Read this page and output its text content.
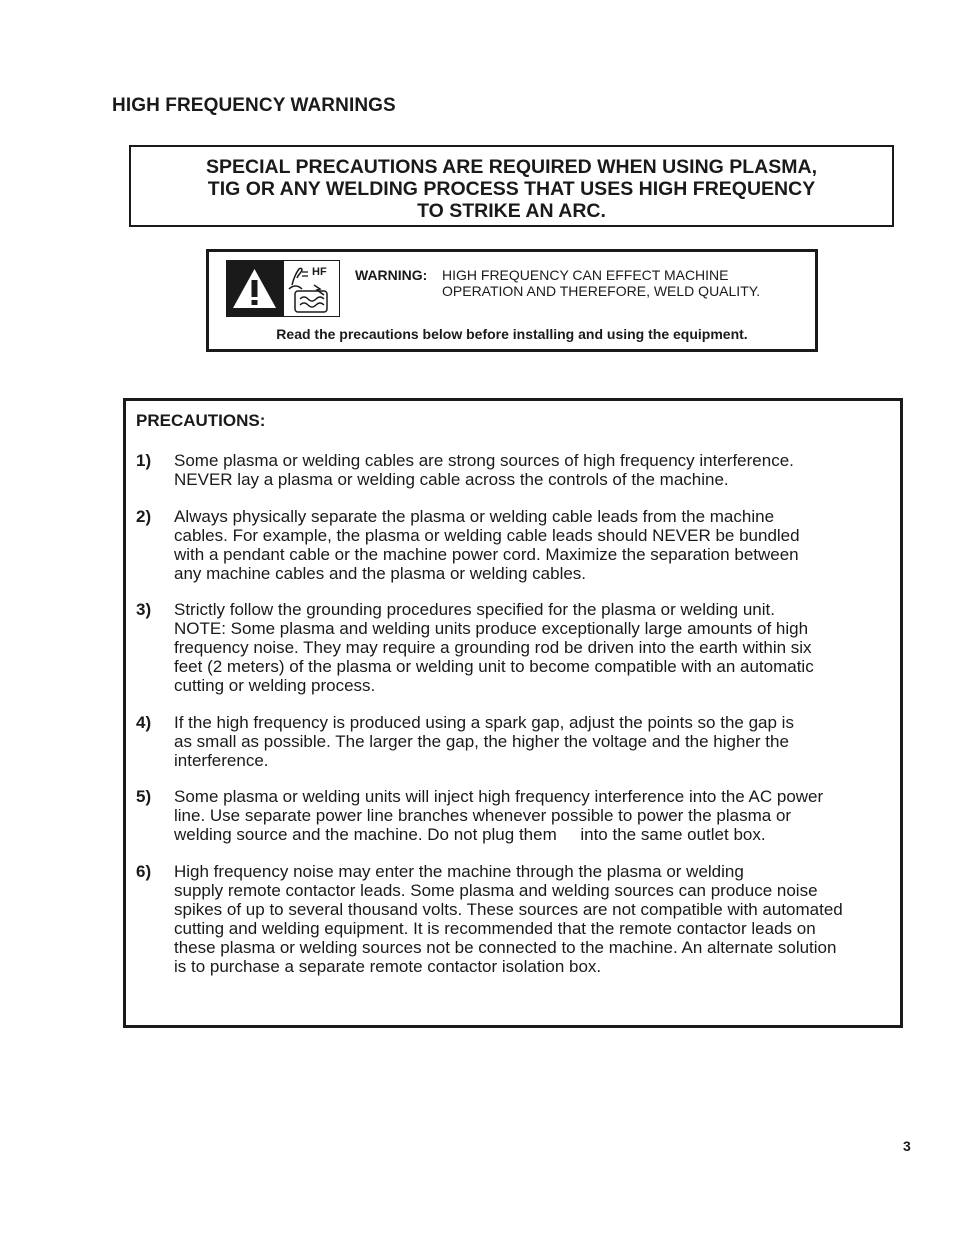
HIGH FREQUENCY WARNINGS
SPECIAL PRECAUTIONS ARE REQUIRED WHEN USING PLASMA,
TIG OR ANY WELDING PROCESS THAT USES HIGH FREQUENCY
TO STRIKE AN ARC.
HF WARNING: HIGH FREQUENCY CAN EFFECT MACHINE
OPERATION AND THEREFORE, WELD QUALITY.
Read the precautions below before installing and using the equipment.
PRECAUTIONS:
1) Some plasma or welding cables are strong sources of high frequency interference.
NEVER lay a plasma or welding cable across the controls of the machine.
2) Always physically separate the plasma or welding cable leads from the machine
cables. For example, the plasma or welding cable leads should NEVER be bundled
with a pendant cable or the machine power cord. Maximize the separation between
any machine cables and the plasma or welding cables.
3) Strictly follow the grounding procedures specified for the plasma or welding unit.
NOTE: Some plasma and welding units produce exceptionally large amounts of high
frequency noise. They may require a grounding rod be driven into the earth within six
feet (2 meters) of the plasma or welding unit to become compatible with an automatic
cutting or welding process.
4) If the high frequency is produced using a spark gap, adjust the points so the gap is
as small as possible. The larger the gap, the higher the voltage and the higher the
interference.
5) Some plasma or welding units will inject high frequency interference into the AC power
line. Use separate power line branches whenever possible to power the plasma or
welding source and the machine. Do not plug them     into the same outlet box.
6) High frequency noise may enter the machine through the plasma or welding
supply remote contactor leads. Some plasma and welding sources can produce noise
spikes of up to several thousand volts. These sources are not compatible with automated
cutting and welding equipment. It is recommended that the remote contactor leads on
these plasma or welding sources not be connected to the machine. An alternate solution
is to purchase a separate remote contactor isolation box.
3
